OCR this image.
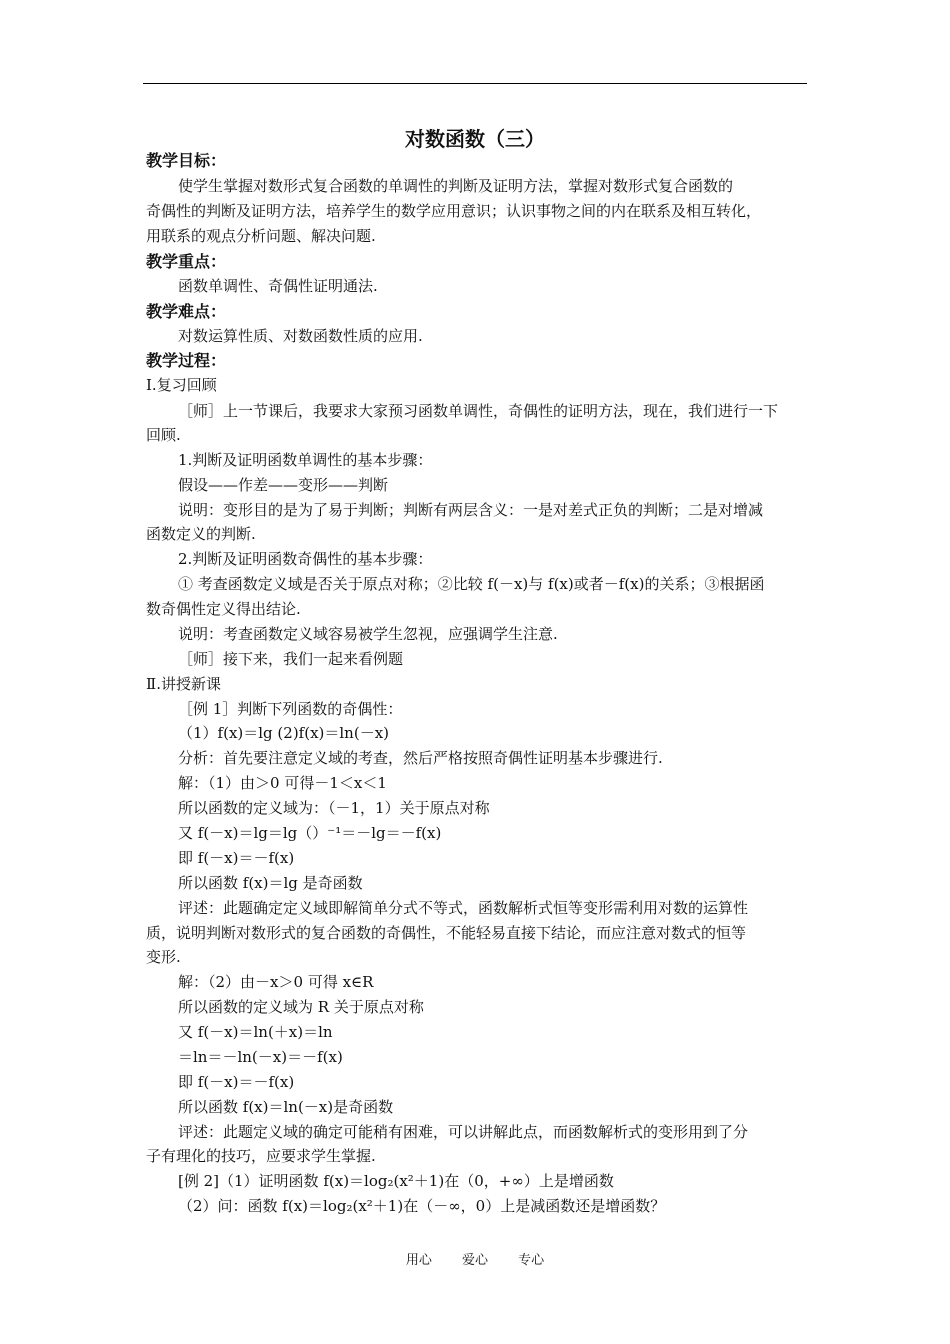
对数函数（三）
教学目标：
使学生掌握对数形式复合函数的单调性的判断及证明方法，掌握对数形式复合函数的
奇偶性的判断及证明方法，培养学生的数学应用意识；认识事物之间的内在联系及相互转化，
用联系的观点分析问题、解决问题.
教学重点：
函数单调性、奇偶性证明通法.
教学难点：
对数运算性质、对数函数性质的应用.
教学过程：
Ⅰ.复习回顾
［师］上一节课后，我要求大家预习函数单调性，奇偶性的证明方法，现在，我们进行一下
回顾.
1.判断及证明函数单调性的基本步骤：
假设——作差——变形——判断
说明：变形目的是为了易于判断；判断有两层含义：一是对差式正负的判断；二是对增减
函数定义的判断.
2.判断及证明函数奇偶性的基本步骤：
① 考查函数定义域是否关于原点对称；②比较 f(－x)与 f(x)或者－f(x)的关系；③根据函
数奇偶性定义得出结论.
说明：考查函数定义域容易被学生忽视，应强调学生注意.
［师］接下来，我们一起来看例题
Ⅱ.讲授新课
［例 1］判断下列函数的奇偶性：
（1）f(x)＝lg (2)f(x)＝ln(－x)
分析：首先要注意定义域的考查，然后严格按照奇偶性证明基本步骤进行.
解：（1）由＞0 可得－1＜x＜1
所以函数的定义域为：（－1，1）关于原点对称
又 f(－x)＝lg＝lg（）⁻¹＝－lg＝－f(x)
即 f(－x)＝－f(x)
所以函数 f(x)＝lg 是奇函数
评述：此题确定定义域即解简单分式不等式，函数解析式恒等变形需利用对数的运算性
质，说明判断对数形式的复合函数的奇偶性，不能轻易直接下结论，而应注意对数式的恒等
变形.
解：（2）由－x＞0 可得 x∈R
所以函数的定义域为 R 关于原点对称
又 f(－x)＝ln(＋x)＝ln
＝ln＝－ln(－x)＝－f(x)
即 f(－x)＝－f(x)
所以函数 f(x)＝ln(－x)是奇函数
评述：此题定义域的确定可能稍有困难，可以讲解此点，而函数解析式的变形用到了分
子有理化的技巧，应要求学生掌握.
[例 2]（1）证明函数 f(x)＝log₂(x²＋1)在（0，+∞）上是增函数
（2）问：函数 f(x)＝log₂(x²＋1)在（－∞，0）上是减函数还是增函数？
用心 爱心 专心
